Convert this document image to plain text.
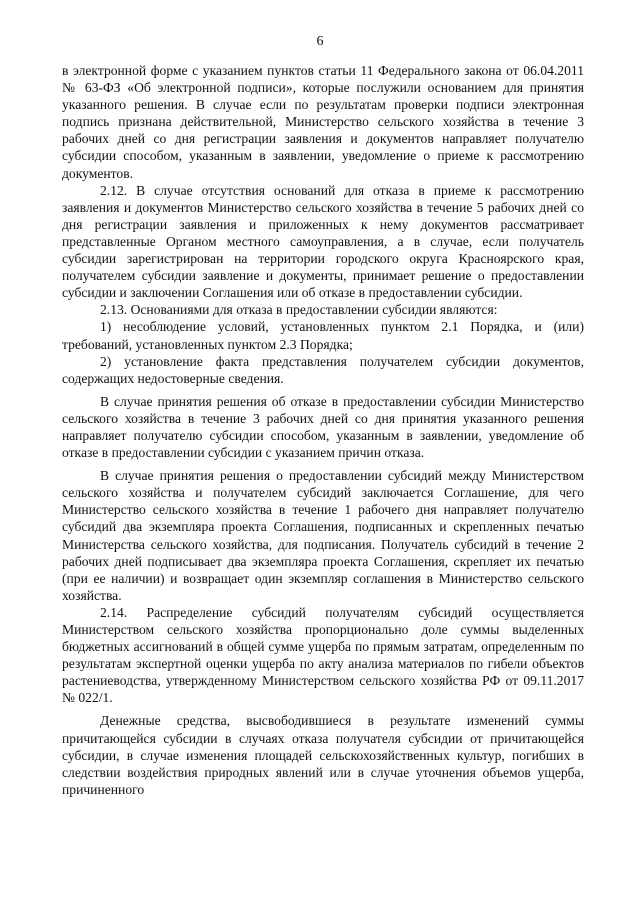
6

в электронной форме с указанием пунктов статьи 11 Федерального закона от 06.04.2011 № 63-ФЗ «Об электронной подписи», которые послужили основанием для принятия указанного решения. В случае если по результатам проверки подписи электронная подпись признана действительной, Министерство сельского хозяйства в течение 3 рабочих дней со дня регистрации заявления и документов направляет получателю субсидии способом, указанным в заявлении, уведомление о приеме к рассмотрению документов.

2.12. В случае отсутствия оснований для отказа в приеме к рассмотрению заявления и документов Министерство сельского хозяйства в течение 5 рабочих дней со дня регистрации заявления и приложенных к нему документов рассматривает представленные Органом местного самоуправления, а в случае, если получатель субсидии зарегистрирован на территории городского округа Красноярского края, получателем субсидии заявление и документы, принимает решение о предоставлении субсидии и заключении Соглашения или об отказе в предоставлении субсидии.

2.13. Основаниями для отказа в предоставлении субсидии являются:

1) несоблюдение условий, установленных пунктом 2.1 Порядка, и (или) требований, установленных пунктом 2.3 Порядка;

2) установление факта представления получателем субсидии документов, содержащих недостоверные сведения.

В случае принятия решения об отказе в предоставлении субсидии Министерство сельского хозяйства в течение 3 рабочих дней со дня принятия указанного решения направляет получателю субсидии способом, указанным в заявлении, уведомление об отказе в предоставлении субсидии с указанием причин отказа.

В случае принятия решения о предоставлении субсидий между Министерством сельского хозяйства и получателем субсидий заключается Соглашение, для чего Министерство сельского хозяйства в течение 1 рабочего дня направляет получателю субсидий два экземпляра проекта Соглашения, подписанных и скрепленных печатью Министерства сельского хозяйства, для подписания. Получатель субсидий в течение 2 рабочих дней подписывает два экземпляра проекта Соглашения, скрепляет их печатью (при ее наличии) и возвращает один экземпляр соглашения в Министерство сельского хозяйства.

2.14. Распределение субсидий получателям субсидий осуществляется Министерством сельского хозяйства пропорционально доле суммы выделенных бюджетных ассигнований в общей сумме ущерба по прямым затратам, определенным по результатам экспертной оценки ущерба по акту анализа материалов по гибели объектов растениеводства, утвержденному Министерством сельского хозяйства РФ от 09.11.2017 № 022/1.

Денежные средства, высвободившиеся в результате изменений суммы причитающейся субсидии в случаях отказа получателя субсидии от причитающейся субсидии, в случае изменения площадей сельскохозяйственных культур, погибших в следствии воздействия природных явлений или в случае уточнения объемов ущерба, причиненного
